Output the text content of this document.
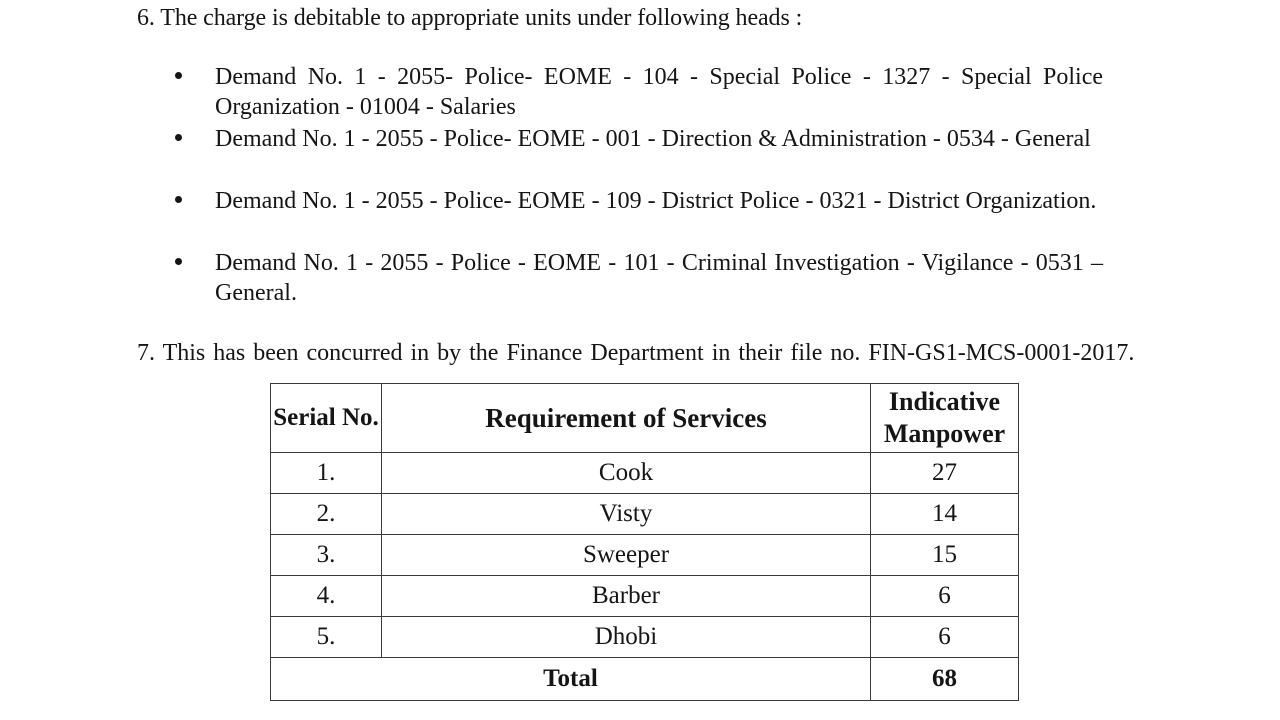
6. The charge is debitable to appropriate units under following heads :
Demand No. 1 - 2055- Police- EOME - 104 - Special Police - 1327 - Special Police Organization - 01004 - Salaries
Demand No. 1 - 2055 - Police- EOME - 001 - Direction & Administration - 0534 - General
Demand No. 1 - 2055 - Police- EOME - 109 - District Police - 0321 - District Organization.
Demand No. 1 - 2055 - Police - EOME - 101 - Criminal Investigation - Vigilance - 0531 – General.
7. This has been concurred in by the Finance Department in their file no. FIN-GS1-MCS-0001-2017.
Serial No.	Requirement of Services	Indicative Manpower
1.	Cook	27
2.	Visty	14
3.	Sweeper	15
4.	Barber	6
5.	Dhobi	6
Total		68
